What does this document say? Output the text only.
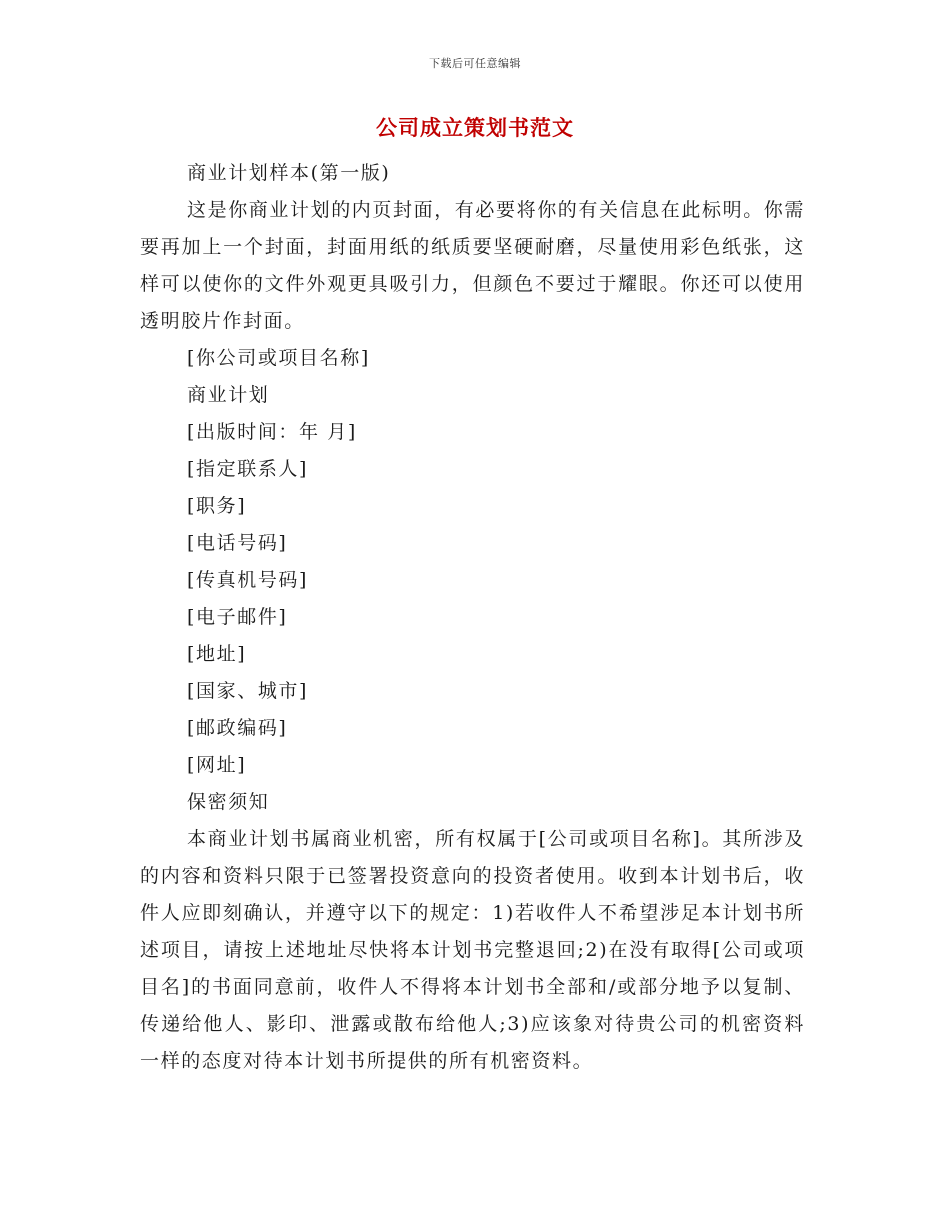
下载后可任意编辑
公司成立策划书范文

商业计划样本(第一版)

这是你商业计划的内页封面，有必要将你的有关信息在此标明。你需要再加上一个封面，封面用纸的纸质要坚硬耐磨，尽量使用彩色纸张，这样可以使你的文件外观更具吸引力，但颜色不要过于耀眼。你还可以使用透明胶片作封面。

[你公司或项目名称]

商业计划

[出版时间：年 月]

[指定联系人]

[职务]

[电话号码]

[传真机号码]

[电子邮件]

[地址]

[国家、城市]

[邮政编码]

[网址]

保密须知

本商业计划书属商业机密，所有权属于[公司或项目名称]。其所涉及的内容和资料只限于已签署投资意向的投资者使用。收到本计划书后，收件人应即刻确认，并遵守以下的规定：1)若收件人不希望涉足本计划书所述项目，请按上述地址尽快将本计划书完整退回;2)在没有取得[公司或项目名]的书面同意前，收件人不得将本计划书全部和/或部分地予以复制、传递给他人、影印、泄露或散布给他人;3)应该象对待贵公司的机密资料一样的态度对待本计划书所提供的所有机密资料。
